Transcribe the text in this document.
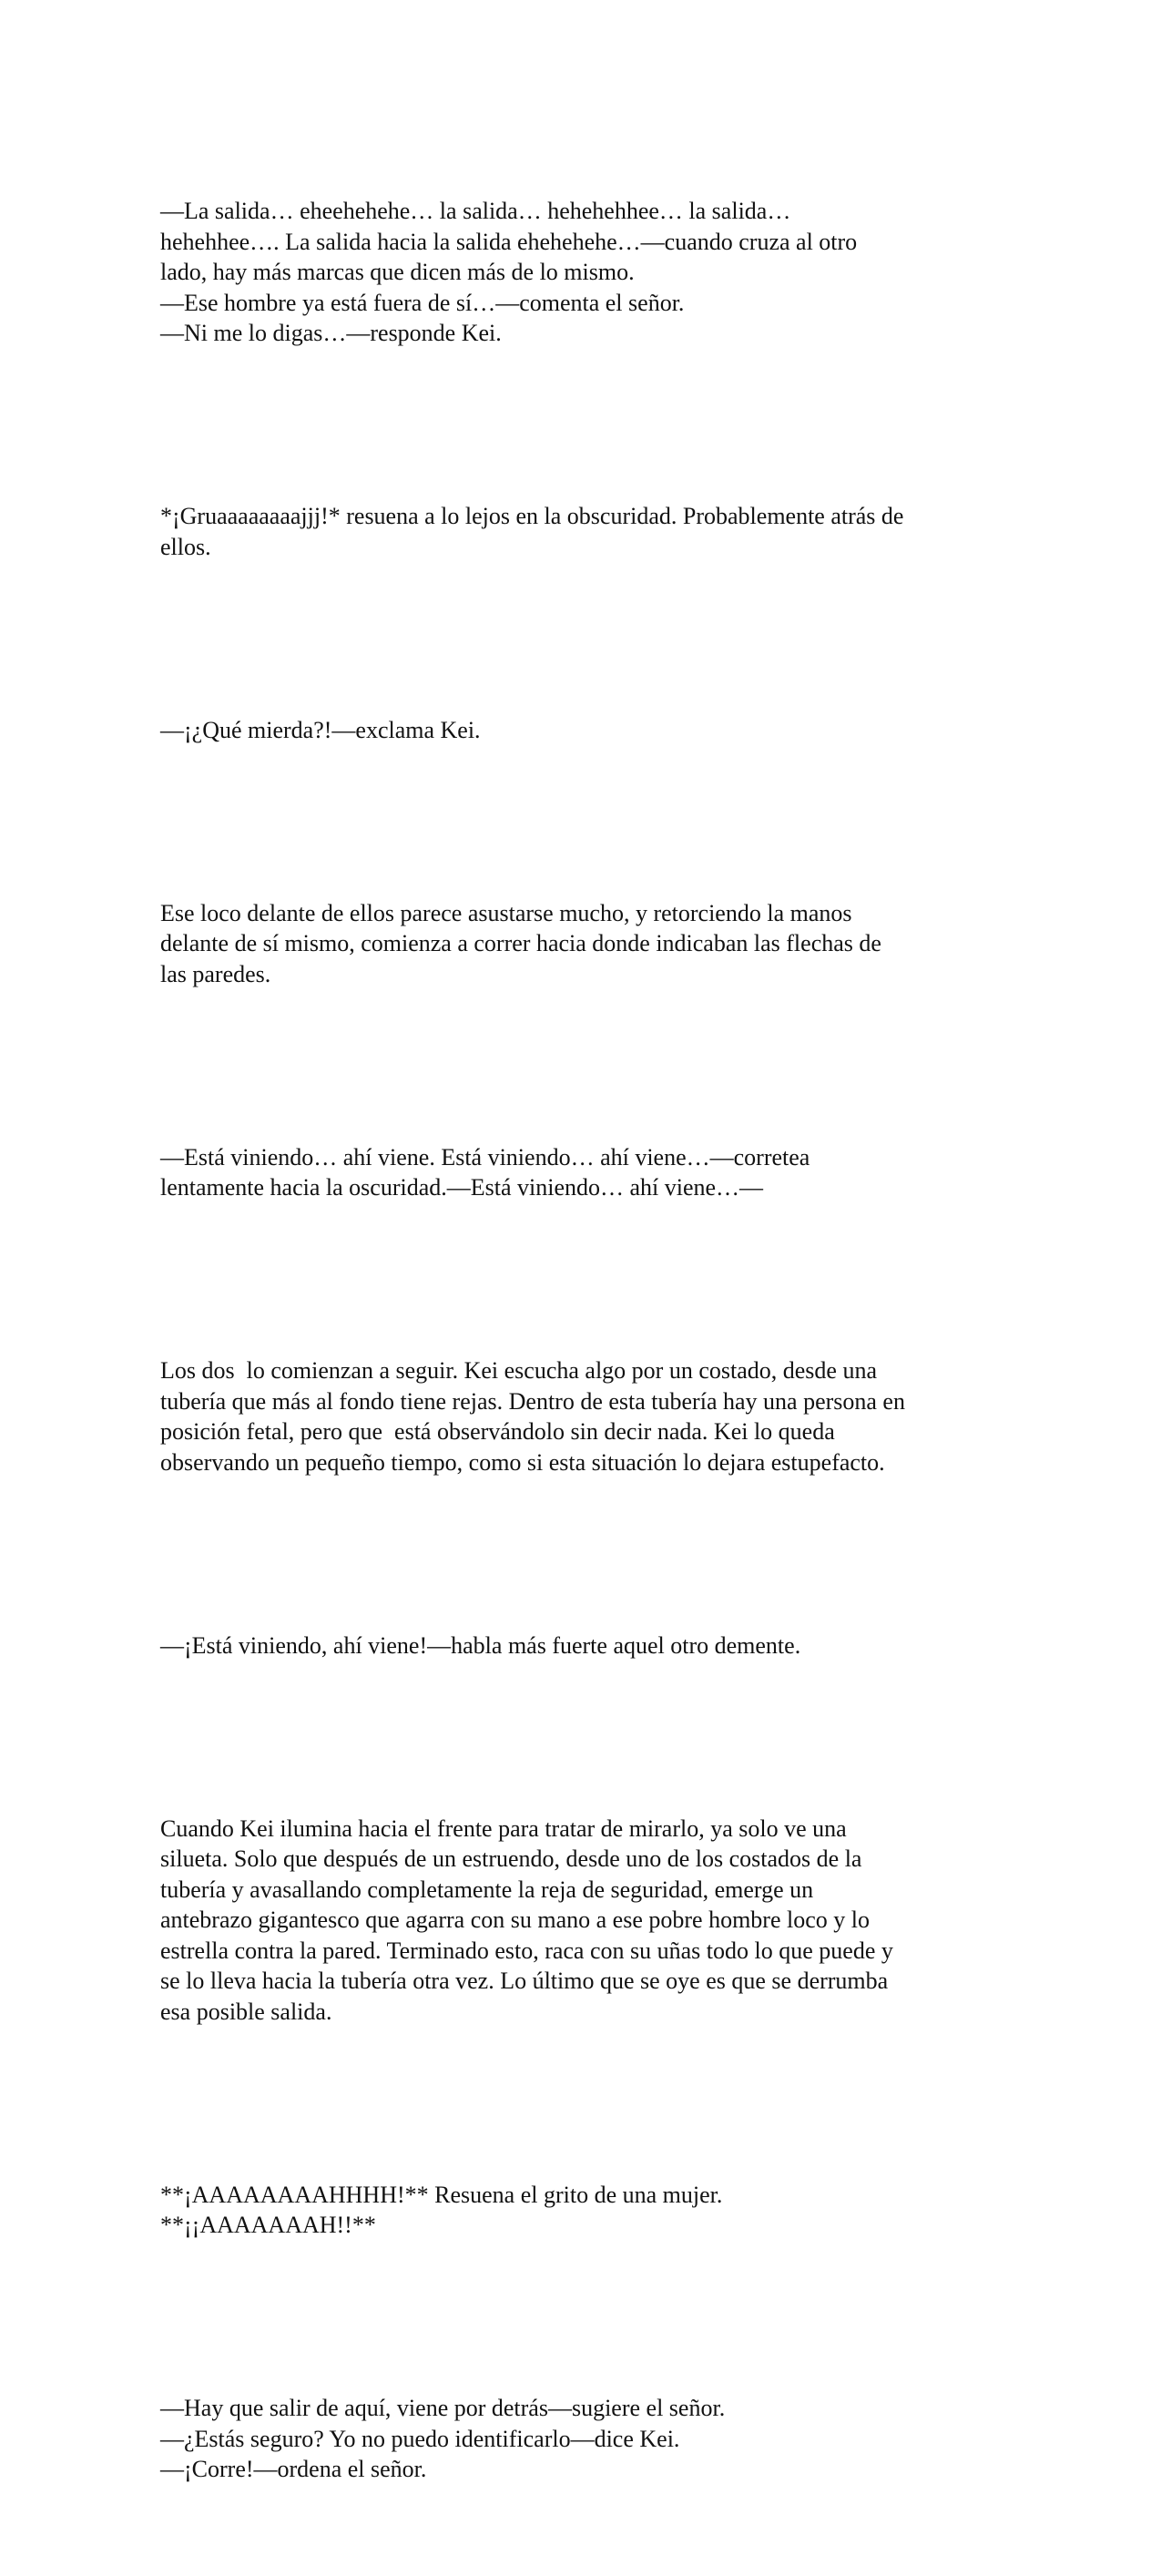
—La salida… eheehehehe… la salida… hehehehhee… la salida…
hehehhee…. La salida hacia la salida ehehehehe…—cuando cruza al otro
lado, hay más marcas que dicen más de lo mismo.
—Ese hombre ya está fuera de sí…—comenta el señor.
—Ni me lo digas…—responde Kei.

*¡Gruaaaaaaaajjj!* resuena a lo lejos en la obscuridad. Probablemente atrás de
ellos.

—¡¿Qué mierda?!—exclama Kei.

Ese loco delante de ellos parece asustarse mucho, y retorciendo la manos
delante de sí mismo, comienza a correr hacia donde indicaban las flechas de
las paredes.

—Está viniendo… ahí viene. Está viniendo… ahí viene…—corretea
lentamente hacia la oscuridad.—Está viniendo… ahí viene…—

Los dos  lo comienzan a seguir. Kei escucha algo por un costado, desde una
tubería que más al fondo tiene rejas. Dentro de esta tubería hay una persona en
posición fetal, pero que  está observándolo sin decir nada. Kei lo queda
observando un pequeño tiempo, como si esta situación lo dejara estupefacto.

—¡Está viniendo, ahí viene!—habla más fuerte aquel otro demente.

Cuando Kei ilumina hacia el frente para tratar de mirarlo, ya solo ve una
silueta. Solo que después de un estruendo, desde uno de los costados de la
tubería y avasallando completamente la reja de seguridad, emerge un
antebrazo gigantesco que agarra con su mano a ese pobre hombre loco y lo
estrella contra la pared. Terminado esto, raca con su uñas todo lo que puede y
se lo lleva hacia la tubería otra vez. Lo último que se oye es que se derrumba
esa posible salida.

**¡AAAAAAAAHHHH!** Resuena el grito de una mujer.
**¡¡AAAAAAAH!!**

—Hay que salir de aquí, viene por detrás—sugiere el señor.
—¿Estás seguro? Yo no puedo identificarlo—dice Kei.
—¡Corre!—ordena el señor.
